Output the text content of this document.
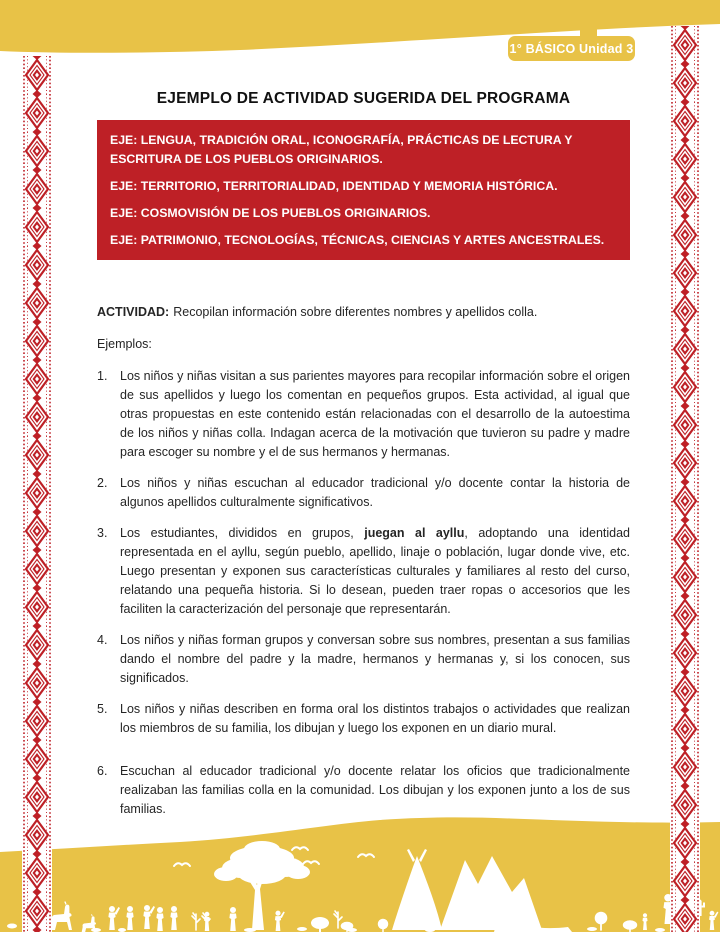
1° BÁSICO Unidad 3
EJEMPLO DE ACTIVIDAD SUGERIDA DEL PROGRAMA

EJE: LENGUA, TRADICIÓN ORAL, ICONOGRAFÍA, PRÁCTICAS DE LECTURA Y ESCRITURA DE LOS PUEBLOS ORIGINARIOS.

EJE: TERRITORIO, TERRITORIALIDAD, IDENTIDAD Y MEMORIA HISTÓRICA.

EJE: COSMOVISIÓN DE LOS PUEBLOS ORIGINARIOS.

EJE: PATRIMONIO, TECNOLOGÍAS, TÉCNICAS, CIENCIAS Y ARTES ANCESTRALES.

ACTIVIDAD: Recopilan información sobre diferentes nombres y apellidos colla.

Ejemplos:

1.	Los niños y niñas visitan a sus parientes mayores para recopilar información sobre el origen de sus apellidos y luego los comentan en pequeños grupos. Esta actividad, al igual que otras propuestas en este contenido están relacionadas con el desarrollo de la autoestima de los niños y niñas colla. Indagan acerca de la motivación que tuvieron su padre y madre para escoger su nombre y el de sus hermanos y hermanas.
2.	Los niños y niñas escuchan al educador tradicional y/o docente contar la historia de algunos apellidos culturalmente significativos.
3.	Los estudiantes, divididos en grupos, juegan al ayllu, adoptando una identidad representada en el ayllu, según pueblo, apellido, linaje o población, lugar donde vive, etc. Luego presentan y exponen sus características culturales y familiares al resto del curso, relatando una pequeña historia. Si lo desean, pueden traer ropas o accesorios que les faciliten la caracterización del personaje que representarán.
4.	Los niños y niñas forman grupos y conversan sobre sus nombres, presentan a sus familias dando el nombre del padre y la madre, hermanos y hermanas y, si los conocen, sus significados.
5.	Los niños y niñas describen en forma oral los distintos trabajos o actividades que realizan los miembros de su familia, los dibujan y luego los exponen en un diario mural.
6.	Escuchan al educador tradicional y/o docente relatar los oficios que tradicionalmente realizaban las familias colla en la comunidad. Los dibujan y los exponen junto a los de sus familias.
